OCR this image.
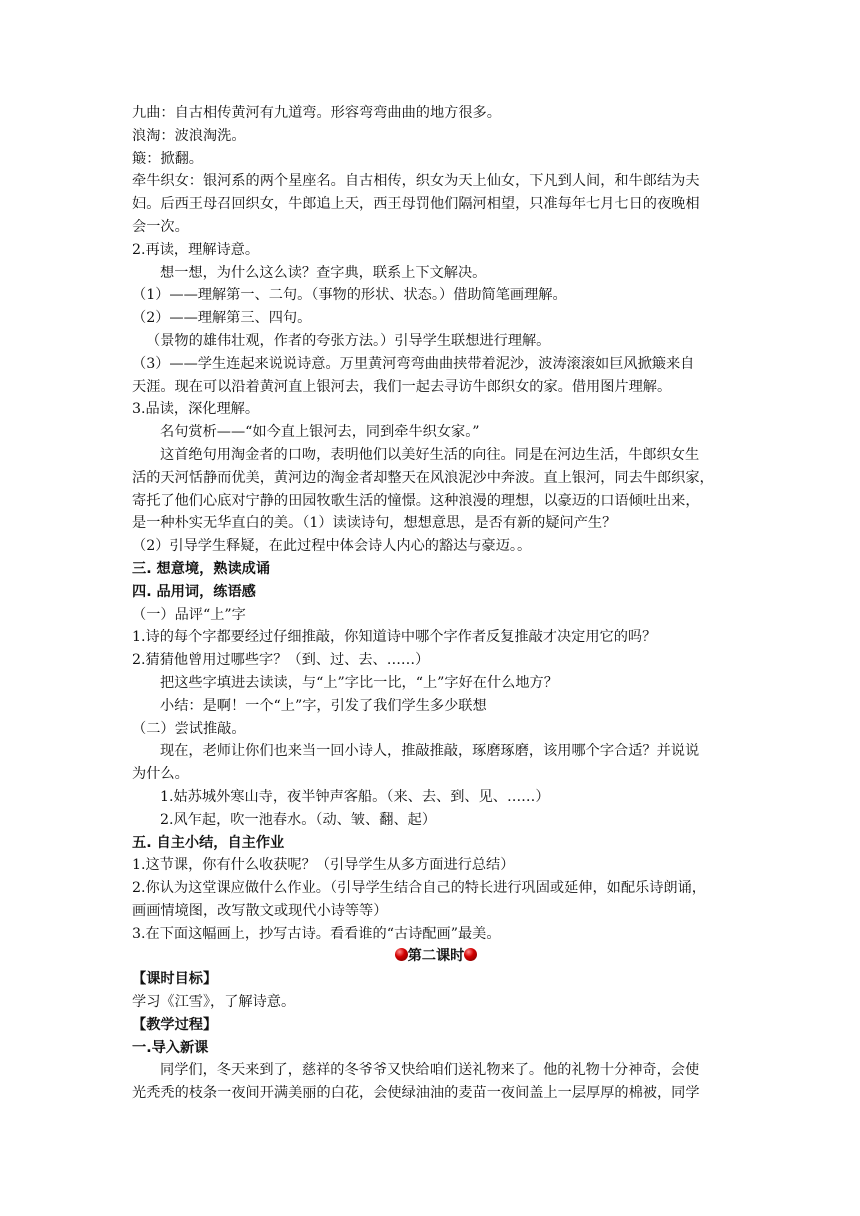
九曲：自古相传黄河有九道弯。形容弯弯曲曲的地方很多。

浪淘：波浪淘洗。

簸：掀翻。

牵牛织女：银河系的两个星座名。自古相传，织女为天上仙女，下凡到人间，和牛郎结为夫

妇。后西王母召回织女，牛郎追上天，西王母罚他们隔河相望，只准每年七月七日的夜晚相

会一次。

2.再读，理解诗意。

想一想，为什么这么读？查字典，联系上下文解决。

（1）——理解第一、二句。（事物的形状、状态。）借助简笔画理解。

（2）——理解第三、四句。

（景物的雄伟壮观，作者的夸张方法。）引导学生联想进行理解。

（3）——学生连起来说说诗意。万里黄河弯弯曲曲挟带着泥沙，波涛滚滚如巨风掀簸来自

天涯。现在可以沿着黄河直上银河去，我们一起去寻访牛郎织女的家。借用图片理解。

3.品读，深化理解。

名句赏析——“如今直上银河去，同到牵牛织女家。”

这首绝句用淘金者的口吻，表明他们以美好生活的向往。同是在河边生活，牛郎织女生

活的天河恬静而优美，黄河边的淘金者却整天在风浪泥沙中奔波。直上银河，同去牛郎织家，

寄托了他们心底对宁静的田园牧歌生活的憧憬。这种浪漫的理想，以豪迈的口语倾吐出来，

是一种朴实无华直白的美。（1）读读诗句，想想意思，是否有新的疑问产生？

（2）引导学生释疑，在此过程中体会诗人内心的豁达与豪迈。。

三. 想意境，熟读成诵

四. 品用词，练语感

（一）品评“上”字

1.诗的每个字都要经过仔细推敲，你知道诗中哪个字作者反复推敲才决定用它的吗？

2.猜猜他曾用过哪些字？（到、过、去、……）

把这些字填进去读读，与“上”字比一比，“上”字好在什么地方？

小结：是啊！一个“上”字，引发了我们学生多少联想

（二）尝试推敲。

现在，老师让你们也来当一回小诗人，推敲推敲，琢磨琢磨，该用哪个字合适？并说说

为什么。

1.姑苏城外寒山寺，夜半钟声客船。（来、去、到、见、……）

2.风乍起，吹一池春水。（动、皱、翻、起）

五. 自主小结，自主作业

1.这节课，你有什么收获呢？（引导学生从多方面进行总结）

2.你认为这堂课应做什么作业。（引导学生结合自己的特长进行巩固或延伸，如配乐诗朗诵，

画画情境图，改写散文或现代小诗等等）

3.在下面这幅画上，抄写古诗。看看谁的“古诗配画”最美。

第二课时

【课时目标】

学习《江雪》，了解诗意。

【教学过程】

一.导入新课

同学们，冬天来到了，慈祥的冬爷爷又快给咱们送礼物来了。他的礼物十分神奇，会使

光秃秃的枝条一夜间开满美丽的白花，会使绿油油的麦苗一夜间盖上一层厚厚的棉被，同学
